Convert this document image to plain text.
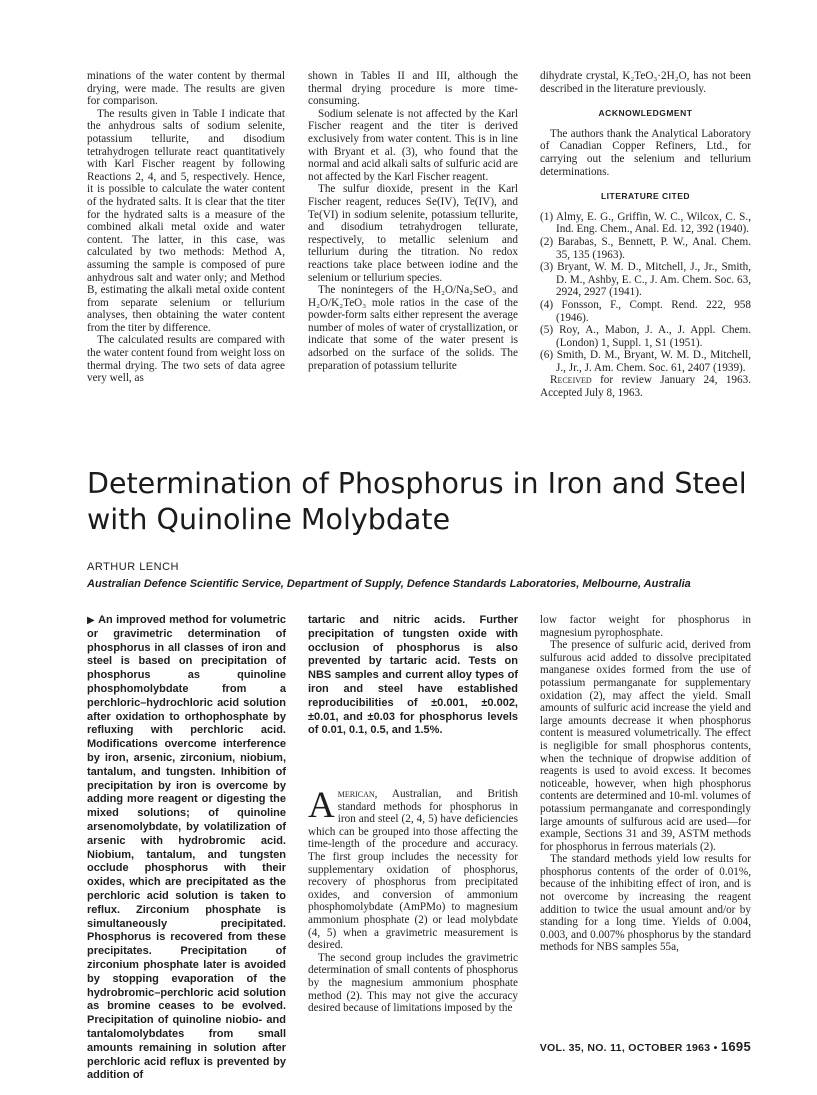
minations of the water content by thermal drying, were made. The results are given for comparison.

The results given in Table I indicate that the anhydrous salts of sodium selenite, potassium tellurite, and disodium tetrahydrogen tellurate react quantitatively with Karl Fischer reagent by following Reactions 2, 4, and 5, respectively. Hence, it is possible to calculate the water content of the hydrated salts. It is clear that the titer for the hydrated salts is a measure of the combined alkali metal oxide and water content. The latter, in this case, was calculated by two methods: Method A, assuming the sample is composed of pure anhydrous salt and water only; and Method B, estimating the alkali metal oxide content from separate selenium or tellurium analyses, then obtaining the water content from the titer by difference.

The calculated results are compared with the water content found from weight loss on thermal drying. The two sets of data agree very well, as

shown in Tables II and III, although the thermal drying procedure is more time-consuming.

Sodium selenate is not affected by the Karl Fischer reagent and the titer is derived exclusively from water content. This is in line with Bryant et al. (3), who found that the normal and acid alkali salts of sulfuric acid are not affected by the Karl Fischer reagent.

The sulfur dioxide, present in the Karl Fischer reagent, reduces Se(IV), Te(IV), and Te(VI) in sodium selenite, potassium tellurite, and disodium tetrahydrogen tellurate, respectively, to metallic selenium and tellurium during the titration. No redox reactions take place between iodine and the selenium or tellurium species.

The nonintegers of the H₂O/Na₂SeO₃ and H₂O/K₂TeO₃ mole ratios in the case of the powder-form salts either represent the average number of moles of water of crystallization, or indicate that some of the water present is adsorbed on the surface of the solids. The preparation of potassium tellurite

dihydrate crystal, K₂TeO₃·2H₂O, has not been described in the literature previously.

ACKNOWLEDGMENT

The authors thank the Analytical Laboratory of Canadian Copper Refiners, Ltd., for carrying out the selenium and tellurium determinations.

LITERATURE CITED
(1) Almy, E. G., Griffin, W. C., Wilcox, C. S., Ind. Eng. Chem., Anal. Ed. 12, 392 (1940).
(2) Barabas, S., Bennett, P. W., Anal. Chem. 35, 135 (1963).
(3) Bryant, W. M. D., Mitchell, J., Jr., Smith, D. M., Ashby, E. C., J. Am. Chem. Soc. 63, 2924, 2927 (1941).
(4) Fonsson, F., Compt. Rend. 222, 958 (1946).
(5) Roy, A., Mabon, J. A., J. Appl. Chem. (London) 1, Suppl. 1, S1 (1951).
(6) Smith, D. M., Bryant, W. M. D., Mitchell, J., Jr., J. Am. Chem. Soc. 61, 2407 (1939).

Received for review January 24, 1963. Accepted July 8, 1963.

Determination of Phosphorus in Iron and Steel
with Quinoline Molybdate
ARTHUR LENCH
Australian Defence Scientific Service, Department of Supply, Defence Standards Laboratories, Melbourne, Australia
▶ An improved method for volumetric or gravimetric determination of phosphorus in all classes of iron and steel is based on precipitation of phosphorus as quinoline phosphomolybdate from a perchloric–hydrochloric acid solution after oxidation to orthophosphate by refluxing with perchloric acid. Modifications overcome interference by iron, arsenic, zirconium, niobium, tantalum, and tungsten. Inhibition of precipitation by iron is overcome by adding more reagent or digesting the mixed solutions; of quinoline arsenomolybdate, by volatilization of arsenic with hydrobromic acid. Niobium, tantalum, and tungsten occlude phosphorus with their oxides, which are precipitated as the perchloric acid solution is taken to reflux. Zirconium phosphate is simultaneously precipitated. Phosphorus is recovered from these precipitates. Precipitation of zirconium phosphate later is avoided by stopping evaporation of the hydrobromic–perchloric acid solution as bromine ceases to be evolved. Precipitation of quinoline niobio- and tantalomolybdates from small amounts remaining in solution after perchloric acid reflux is prevented by addition of
tartaric and nitric acids. Further precipitation of tungsten oxide with occlusion of phosphorus is also prevented by tartaric acid. Tests on NBS samples and current alloy types of iron and steel have established reproducibilities of ±0.001, ±0.002, ±0.01, and ±0.03 for phosphorus levels of 0.01, 0.1, 0.5, and 1.5%.

American, Australian, and British standard methods for phosphorus in iron and steel (2, 4, 5) have deficiencies which can be grouped into those affecting the time-length of the procedure and accuracy. The first group includes the necessity for supplementary oxidation of phosphorus, recovery of phosphorus from precipitated oxides, and conversion of ammonium phosphomolybdate (AmPMo) to magnesium ammonium phosphate (2) or lead molybdate (4, 5) when a gravimetric measurement is desired.

The second group includes the gravimetric determination of small contents of phosphorus by the magnesium ammonium phosphate method (2). This may not give the accuracy desired because of limitations imposed by the

low factor weight for phosphorus in magnesium pyrophosphate.

The presence of sulfuric acid, derived from sulfurous acid added to dissolve precipitated manganese oxides formed from the use of potassium permanganate for supplementary oxidation (2), may affect the yield. Small amounts of sulfuric acid increase the yield and large amounts decrease it when phosphorus content is measured volumetrically. The effect is negligible for small phosphorus contents, when the technique of dropwise addition of reagents is used to avoid excess. It becomes noticeable, however, when high phosphorus contents are determined and 10-ml. volumes of potassium permanganate and correspondingly large amounts of sulfurous acid are used—for example, Sections 31 and 39, ASTM methods for phosphorus in ferrous materials (2).

The standard methods yield low results for phosphorus contents of the order of 0.01%, because of the inhibiting effect of iron, and is not overcome by increasing the reagent addition to twice the usual amount and/or by standing for a long time. Yields of 0.004, 0.003, and 0.007% phosphorus by the standard methods for NBS samples 55a,

VOL. 35, NO. 11, OCTOBER 1963 • 1695
